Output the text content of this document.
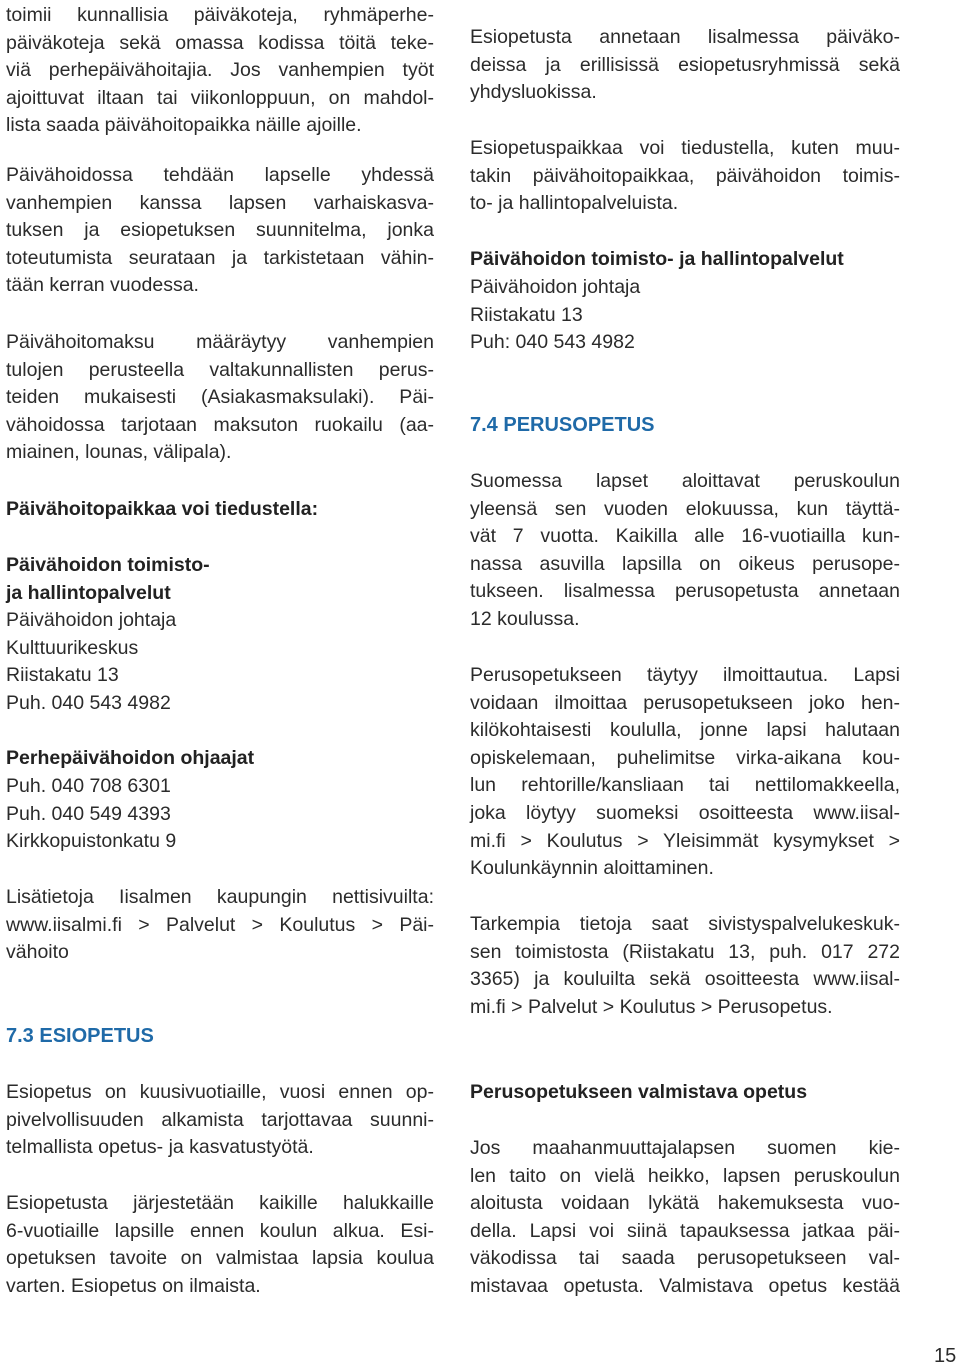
toimii kunnallisia päiväkoteja, ryhmäperhe-
päiväkoteja sekä omassa kodissa töitä teke-
viä perhepäivähoitajia. Jos vanhempien työt
ajoittuvat iltaan tai viikonloppuun, on mahdol-
lista saada päivähoitopaikka näille ajoille.
Päivähoidossa tehdään lapselle yhdessä
vanhempien kanssa lapsen varhaiskasva-
tuksen ja esiopetuksen suunnitelma, jonka
toteutumista seurataan ja tarkistetaan vähin-
tään kerran vuodessa.
Päivähoitomaksu määräytyy vanhempien
tulojen perusteella valtakunnallisten perus-
teiden mukaisesti (Asiakasmaksulaki). Päi-
vähoidossa tarjotaan maksuton ruokailu (aa-
miainen, lounas, välipala).
Päivähoitopaikkaa voi tiedustella:
Päivähoidon toimisto-
ja hallintopalvelut
Päivähoidon johtaja
Kulttuurikeskus
Riistakatu 13
Puh. 040 543 4982
Perhepäivähoidon ohjaajat
Puh. 040 708 6301
Puh. 040 549 4393
Kirkkopuistonkatu 9
Lisätietoja Iisalmen kaupungin nettisivuilta:
www.iisalmi.fi > Palvelut > Koulutus > Päi-
vähoito
7.3 ESIOPETUS
Esiopetus on kuusivuotiaille, vuosi ennen op-
pivelvollisuuden alkamista tarjottavaa suunni-
telmallista opetus- ja kasvatustyötä.
Esiopetusta järjestetään kaikille halukkaille
6-vuotiaille lapsille ennen koulun alkua. Esi-
opetuksen tavoite on valmistaa lapsia koulua
varten. Esiopetus on ilmaista.
Esiopetusta annetaan lisalmessa päiväko-
deissa ja erillisissä esiopetusryhmissä sekä
yhdysluokissa.
Esiopetuspaikkaa voi tiedustella, kuten muu-
takin päivähoitopaikkaa, päivähoidon toimis-
to- ja hallintopalveluista.
Päivähoidon toimisto- ja hallintopalvelut
Päivähoidon johtaja
Riistakatu 13
Puh: 040 543 4982
7.4 PERUSOPETUS
Suomessa lapset aloittavat peruskoulun
yleensä sen vuoden elokuussa, kun täyttä-
vät 7 vuotta. Kaikilla alle 16-vuotiailla kun-
nassa asuvilla lapsilla on oikeus perusope-
tukseen. lisalmessa perusopetusta annetaan
12 koulussa.
Perusopetukseen täytyy ilmoittautua. Lapsi
voidaan ilmoittaa perusopetukseen joko hen-
kilökohtaisesti koululla, jonne lapsi halutaan
opiskelemaan, puhelimitse virka-aikana kou-
lun rehtorille/kansliaan tai nettilomakkeella,
joka löytyy suomeksi osoitteesta www.iisal-
mi.fi > Koulutus > Yleisimmät kysymykset >
Koulunkäynnin aloittaminen.
Tarkempia tietoja saat sivistyspalvelukeskuk-
sen toimistosta (Riistakatu 13, puh. 017 272
3365) ja kouluilta sekä osoitteesta www.iisal-
mi.fi > Palvelut > Koulutus > Perusopetus.
Perusopetukseen valmistava opetus
Jos maahanmuuttajalapsen suomen kie-
len taito on vielä heikko, lapsen peruskoulun
aloitusta voidaan lykätä hakemuksesta vuo-
della. Lapsi voi siinä tapauksessa jatkaa päi-
väkodissa tai saada perusopetukseen val-
mistavaa opetusta. Valmistava opetus kestää
15
